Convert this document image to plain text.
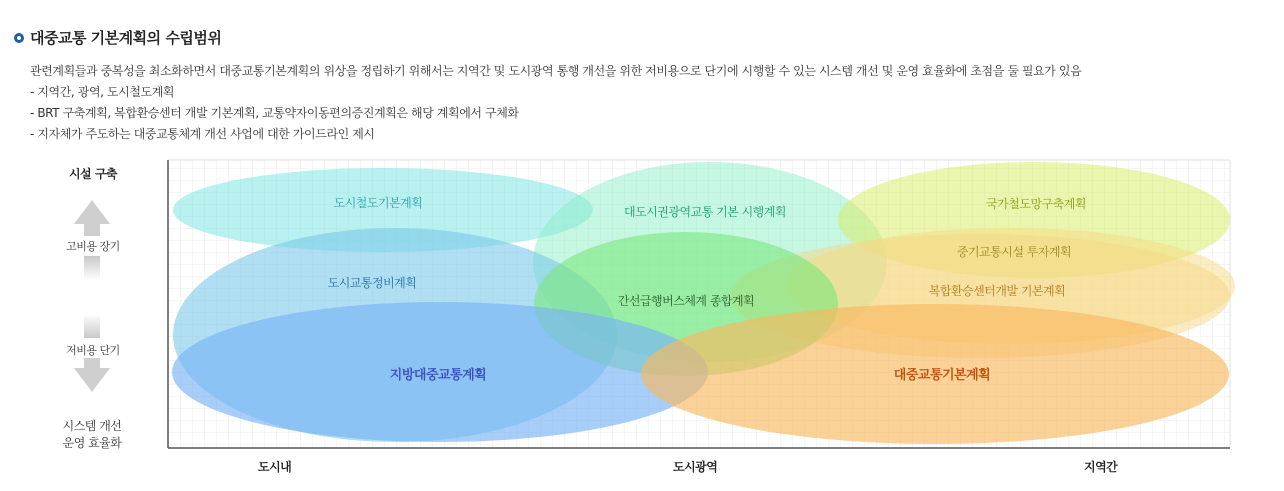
대중교통 기본계획의 수립범위
관련계획들과 중복성을 최소화하면서 대중교통기본계획의 위상을 정립하기 위해서는 지역간 및 도시광역 통행 개선을 위한 저비용으로 단기에 시행할 수 있는 시스템 개선 및 운영 효율화에 초점을 둘 필요가 있음
- 지역간, 광역, 도시철도계획
- BRT 구축계획, 복합환승센터 개발 기본계획, 교통약자이동편의증진계획은 해당 계획에서 구체화
- 지자체가 주도하는 대중교통체계 개선 사업에 대한 가이드라인 제시
도시철도기본계획
대도시권광역교통 기본 시행계획
국가철도망구축계획
중기교통시설 투자계획
복합환승센터개발 기본계획
도시교통정비계획
간선급행버스체계 종합계획
지방대중교통계획	대중교통기본계획
시설 구축
고비용 장기
저비용 단기
시스템 개선
운영 효율화
도시내	도시광역	지역간
